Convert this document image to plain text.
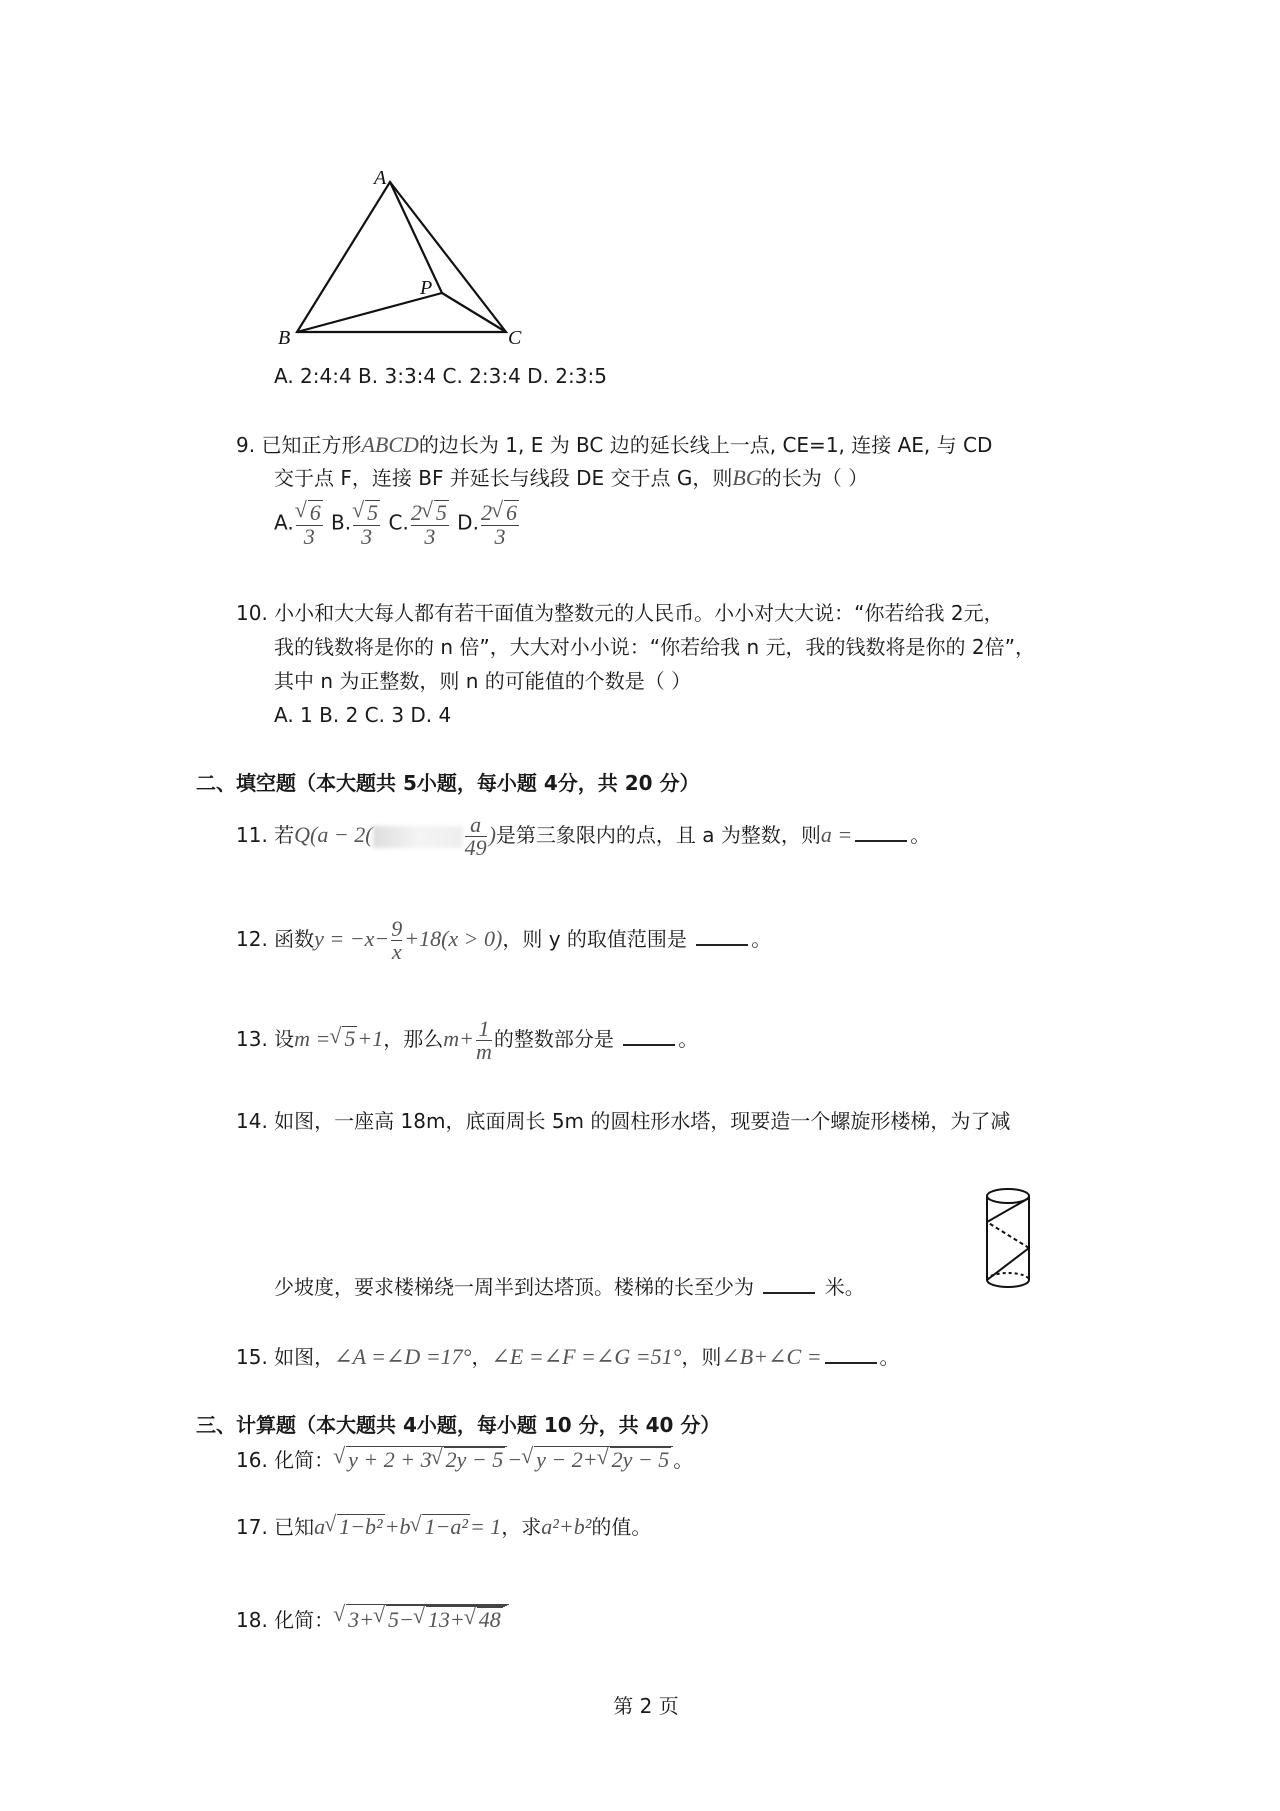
A
B	C
P
A. 2:4:4 B. 3:3:4 C. 2:3:4 D. 2:3:5
9. 已知正方形ABCD的边长为 1, E 为 BC 边的延长线上一点, CE=1, 连接 AE, 与 CD
交于点 F，连接 BF 并延长与线段 DE 交于点 G，则BG的长为（ ）
A. √ $\frac{6}{3} B$. √ $\frac{5}{3} C$. $\frac{2 √ 5}{3} D$. $\frac{2 √ 6}{3}$
10. 小小和大大每人都有若干面值为整数元的人民币。小小对大大说：“你若给我 2元，
我的钱数将是你的 n 倍”，大大对小小说：“你若给我 n 元，我的钱数将是你的 2倍”，
其中 n 为正整数，则 n 的可能值的个数是（ ）
A. 1 B. 2 C. 3 D. 4
二、填空题（本大题共 5小题，每小题 4分，共 20 分）
11. 若Q(a − 2(	$\frac{a}{49}$ )是第三象限内的点，且 a 为整数，则a =	。
12. 函数$y = -x- \frac{9}{x} +18(x > 0)$，则 y 的取值范围是	。
13. 设m = √ 5+1，那么$m+ \frac{1}{m}$ 的整数部分是	。
14. 如图，一座高 18m，底面周长 5m 的圆柱形水塔，现要造一个螺旋形楼梯，为了减
少坡度，要求楼梯绕一周半到达塔顶。楼梯的长至少为	米。
15. 如图，∠A =∠D =17°，∠E =∠F =∠G =51°，则∠B+∠C =	。
三、计算题（本大题共 4小题，每小题 10 分，共 40 分）
16. 化简： √ y + 2 + 3 √ 2y − 5 − √ y − 2+ √ 2y − 5 。
17. 已知a √ 1−b²+b √ 1−a²= 1，求a²+b²的值。
18. 化简： √ 3+ √ 5− √ 13+ √ 48
第 2 页
